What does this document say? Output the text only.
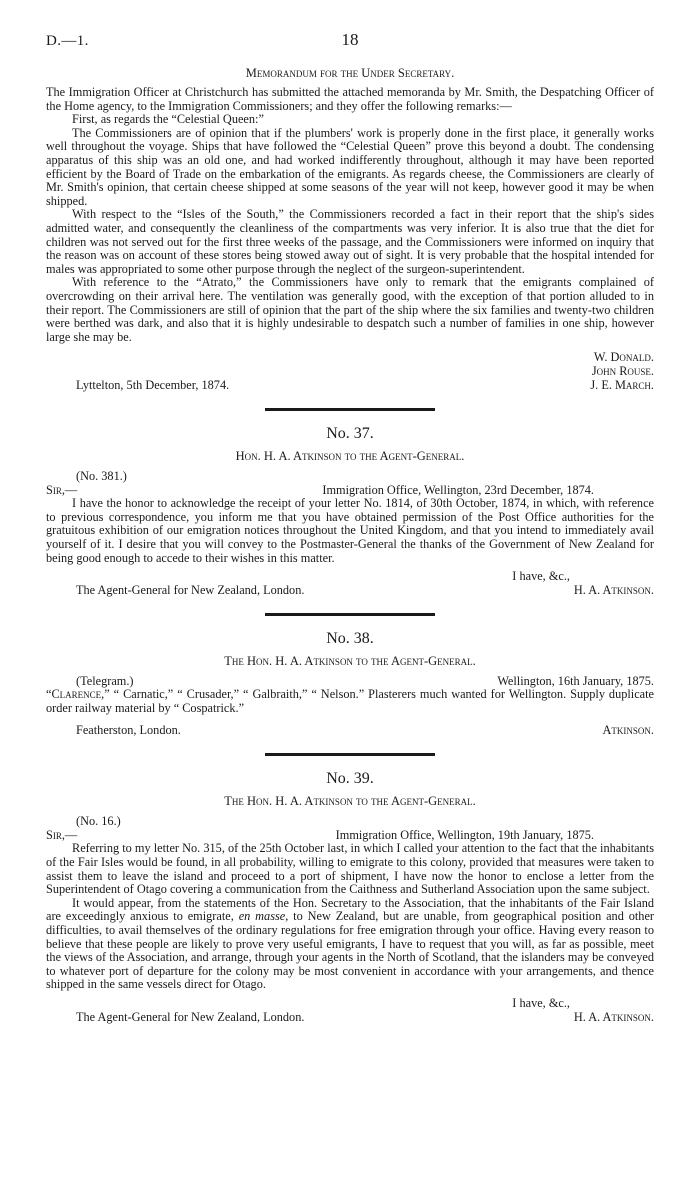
D.—1.	18
Memorandum for the Under Secretary.

The Immigration Officer at Christchurch has submitted the attached memoranda by Mr. Smith, the Despatching Officer of the Home agency, to the Immigration Commissioners; and they offer the following remarks:—

First, as regards the “Celestial Queen:”

The Commissioners are of opinion that if the plumbers' work is properly done in the first place, it generally works well throughout the voyage. Ships that have followed the “Celestial Queen” prove this beyond a doubt. The condensing apparatus of this ship was an old one, and had worked indifferently throughout, although it may have been reported efficient by the Board of Trade on the embarkation of the emigrants. As regards cheese, the Commissioners are clearly of Mr. Smith's opinion, that certain cheese shipped at some seasons of the year will not keep, however good it may be when shipped.

With respect to the “Isles of the South,” the Commissioners recorded a fact in their report that the ship's sides admitted water, and consequently the cleanliness of the compartments was very inferior. It is also true that the diet for children was not served out for the first three weeks of the passage, and the Commissioners were informed on inquiry that the reason was on account of these stores being stowed away out of sight. It is very probable that the hospital intended for males was appropriated to some other purpose through the neglect of the surgeon-superintendent.

With reference to the “Atrato,” the Commissioners have only to remark that the emigrants complained of overcrowding on their arrival here. The ventilation was generally good, with the exception of that portion alluded to in their report. The Commissioners are still of opinion that the part of the ship where the six families and twenty-two children were berthed was dark, and also that it is highly undesirable to despatch such a number of families in one ship, however large she may be.

W. Donald.
John Rouse.
Lyttelton, 5th December, 1874.	J. E. March.
No. 37.
Hon. H. A. Atkinson to the Agent-General.
(No. 381.)
Sir,—	Immigration Office, Wellington, 23rd December, 1874.

I have the honor to acknowledge the receipt of your letter No. 1814, of 30th October, 1874, in which, with reference to previous correspondence, you inform me that you have obtained permission of the Post Office authorities for the gratuitous exhibition of our emigration notices throughout the United Kingdom, and that you intend to immediately avail yourself of it. I desire that you will convey to the Postmaster-General the thanks of the Government of New Zealand for being good enough to accede to their wishes in this matter.

I have, &c.,
The Agent-General for New Zealand, London.	H. A. Atkinson.
No. 38.
The Hon. H. A. Atkinson to the Agent-General.
(Telegram.)	Wellington, 16th January, 1875.

“Clarence,” “ Carnatic,” “ Crusader,” “ Galbraith,” “ Nelson.” Plasterers much wanted for Wellington. Supply duplicate order railway material by “ Cospatrick.”

Featherston, London.	Atkinson.
No. 39.
The Hon. H. A. Atkinson to the Agent-General.
(No. 16.)
Sir,—	Immigration Office, Wellington, 19th January, 1875.

Referring to my letter No. 315, of the 25th October last, in which I called your attention to the fact that the inhabitants of the Fair Isles would be found, in all probability, willing to emigrate to this colony, provided that measures were taken to assist them to leave the island and proceed to a port of shipment, I have now the honor to enclose a letter from the Superintendent of Otago covering a communication from the Caithness and Sutherland Association upon the same subject.

It would appear, from the statements of the Hon. Secretary to the Association, that the inhabitants of the Fair Island are exceedingly anxious to emigrate, en masse, to New Zealand, but are unable, from geographical position and other difficulties, to avail themselves of the ordinary regulations for free emigration through your office. Having every reason to believe that these people are likely to prove very useful emigrants, I have to request that you will, as far as possible, meet the views of the Association, and arrange, through your agents in the North of Scotland, that the islanders may be conveyed to whatever port of departure for the colony may be most convenient in accordance with your arrangements, and thence shipped in the same vessels direct for Otago.

I have, &c.,
The Agent-General for New Zealand, London.	H. A. Atkinson.
